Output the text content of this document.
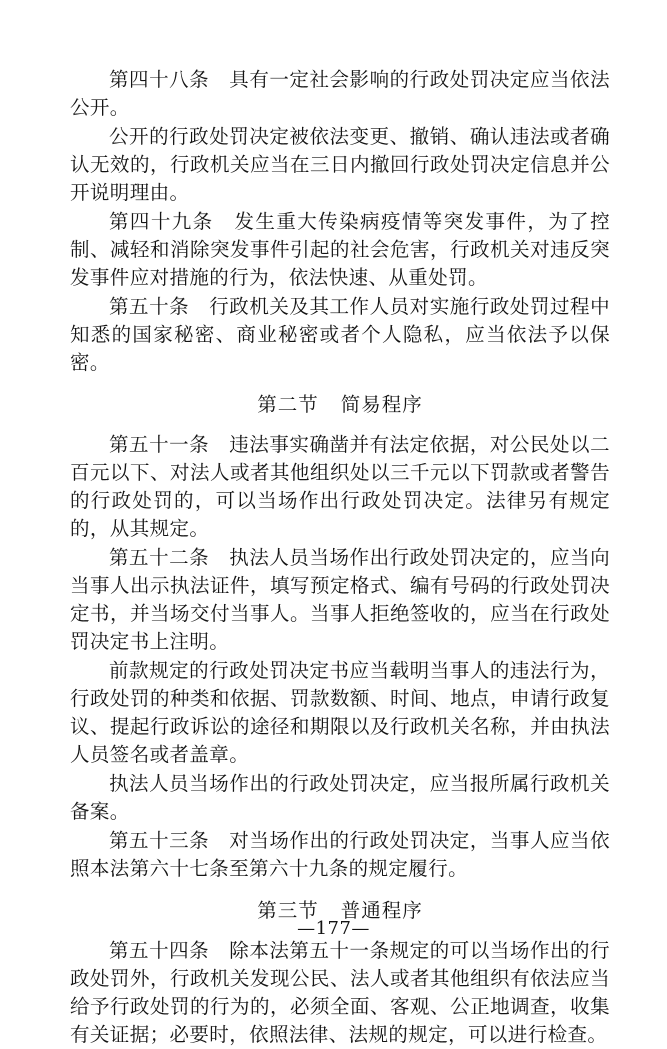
第四十八条　具有一定社会影响的行政处罚决定应当依法公开。

公开的行政处罚决定被依法变更、撤销、确认违法或者确认无效的，行政机关应当在三日内撤回行政处罚决定信息并公开说明理由。

第四十九条　发生重大传染病疫情等突发事件，为了控制、减轻和消除突发事件引起的社会危害，行政机关对违反突发事件应对措施的行为，依法快速、从重处罚。

第五十条　行政机关及其工作人员对实施行政处罚过程中知悉的国家秘密、商业秘密或者个人隐私，应当依法予以保密。

第二节 简易程序

第五十一条　违法事实确凿并有法定依据，对公民处以二百元以下、对法人或者其他组织处以三千元以下罚款或者警告的行政处罚的，可以当场作出行政处罚决定。法律另有规定的，从其规定。

第五十二条　执法人员当场作出行政处罚决定的，应当向当事人出示执法证件，填写预定格式、编有号码的行政处罚决定书，并当场交付当事人。当事人拒绝签收的，应当在行政处罚决定书上注明。

前款规定的行政处罚决定书应当载明当事人的违法行为，行政处罚的种类和依据、罚款数额、时间、地点，申请行政复议、提起行政诉讼的途径和期限以及行政机关名称，并由执法人员签名或者盖章。

执法人员当场作出的行政处罚决定，应当报所属行政机关备案。

第五十三条　对当场作出的行政处罚决定，当事人应当依照本法第六十七条至第六十九条的规定履行。

第三节 普通程序

第五十四条　除本法第五十一条规定的可以当场作出的行政处罚外，行政机关发现公民、法人或者其他组织有依法应当给予行政处罚的行为的，必须全面、客观、公正地调查，收集有关证据；必要时，依照法律、法规的规定，可以进行检查。

—177—
